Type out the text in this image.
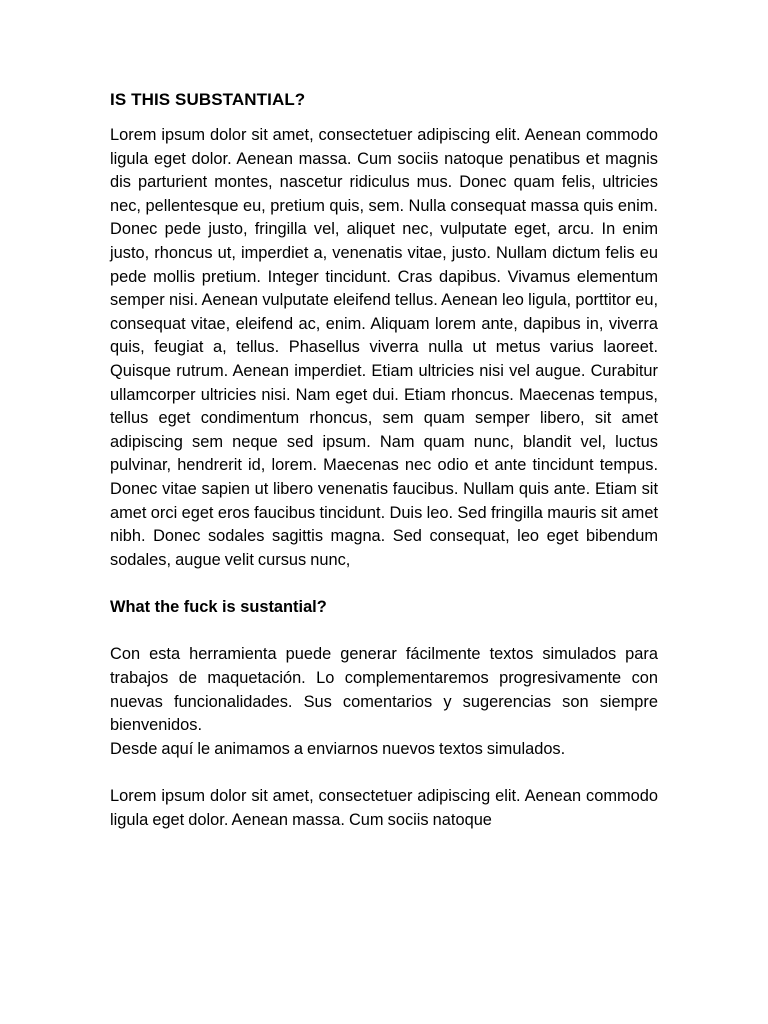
IS THIS SUBSTANTIAL?

Lorem ipsum dolor sit amet, consectetuer adipiscing elit. Aenean commodo ligula eget dolor. Aenean massa. Cum sociis natoque penatibus et magnis dis parturient montes, nascetur ridiculus mus. Donec quam felis, ultricies nec, pellentesque eu, pretium quis, sem. Nulla consequat massa quis enim. Donec pede justo, fringilla vel, aliquet nec, vulputate eget, arcu. In enim justo, rhoncus ut, imperdiet a, venenatis vitae, justo. Nullam dictum felis eu pede mollis pretium. Integer tincidunt. Cras dapibus. Vivamus elementum semper nisi. Aenean vulputate eleifend tellus. Aenean leo ligula, porttitor eu, consequat vitae, eleifend ac, enim. Aliquam lorem ante, dapibus in, viverra quis, feugiat a, tellus. Phasellus viverra nulla ut metus varius laoreet. Quisque rutrum. Aenean imperdiet. Etiam ultricies nisi vel augue. Curabitur ullamcorper ultricies nisi. Nam eget dui. Etiam rhoncus. Maecenas tempus, tellus eget condimentum rhoncus, sem quam semper libero, sit amet adipiscing sem neque sed ipsum. Nam quam nunc, blandit vel, luctus pulvinar, hendrerit id, lorem. Maecenas nec odio et ante tincidunt tempus. Donec vitae sapien ut libero venenatis faucibus. Nullam quis ante. Etiam sit amet orci eget eros faucibus tincidunt. Duis leo. Sed fringilla mauris sit amet nibh. Donec sodales sagittis magna. Sed consequat, leo eget bibendum sodales, augue velit cursus nunc,

What the fuck is sustantial?

Con esta herramienta puede generar fácilmente textos simulados para trabajos de maquetación. Lo complementaremos progresivamente con nuevas funcionalidades. Sus comentarios y sugerencias son siempre bienvenidos.

Desde aquí le animamos a enviarnos nuevos textos simulados.

Lorem ipsum dolor sit amet, consectetuer adipiscing elit. Aenean commodo ligula eget dolor. Aenean massa. Cum sociis natoque
